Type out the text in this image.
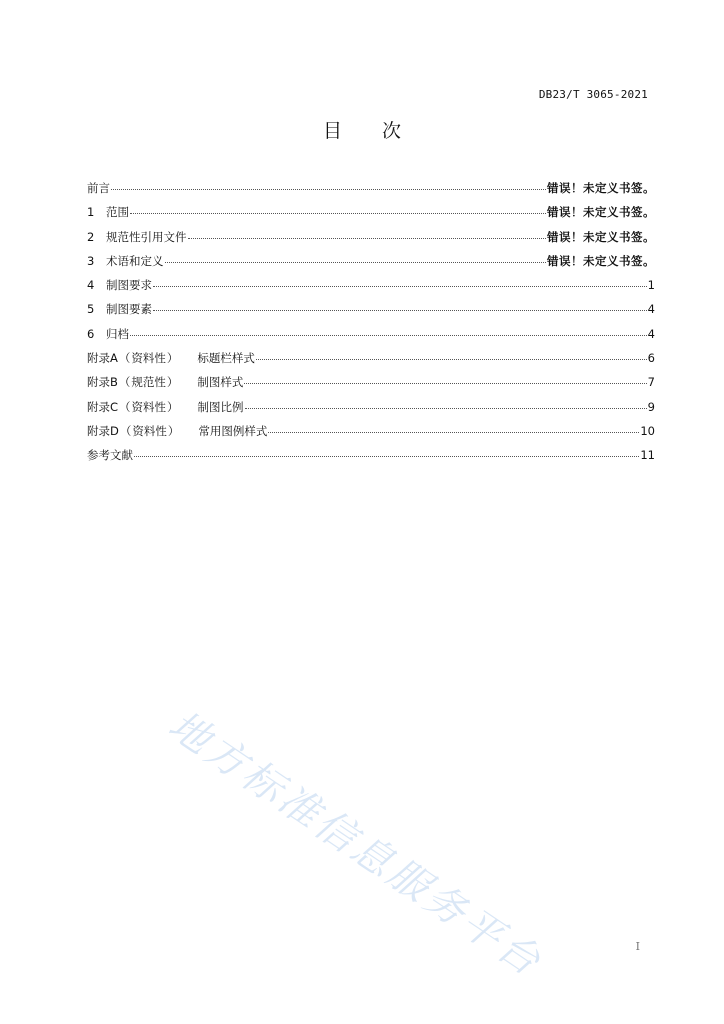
DB23/T 3065-2021
目 次
前言	错误！未定义书签。
1	范围	错误！未定义书签。
2	规范性引用文件	错误！未定义书签。
3	术语和定义	错误！未定义书签。
4	制图要求	1
5	制图要素	4
6	归档	4
附录A（资料性） 标题栏样式	6
附录B（规范性） 制图样式	7
附录C（资料性） 制图比例	9
附录D（资料性） 常用图例样式	10
参考文献	11
地方标准信息服务平台	I
